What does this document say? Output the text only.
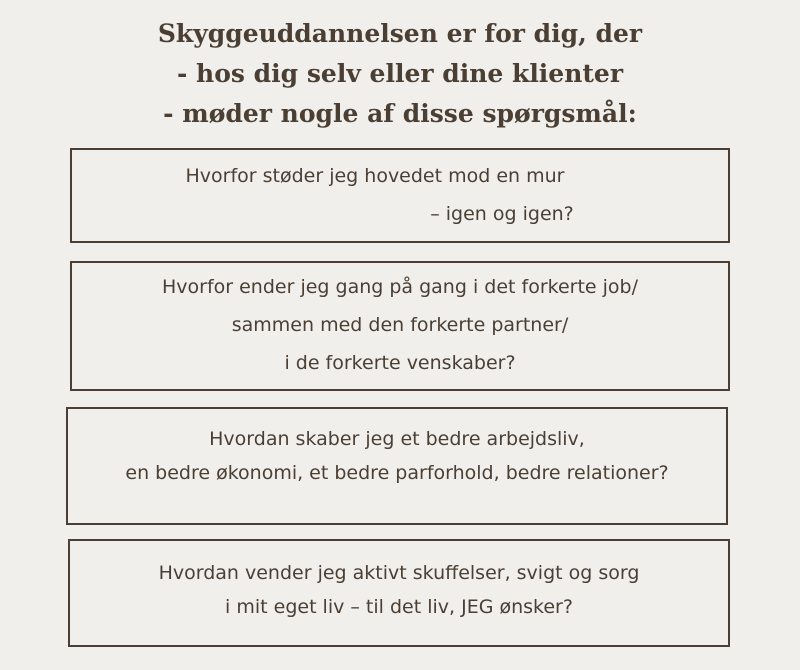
Skyggeuddannelsen er for dig, der
- hos dig selv eller dine klienter
- møder nogle af disse spørgsmål:
Hvorfor støder jeg hovedet mod en mur
– igen og igen?
Hvorfor ender jeg gang på gang i det forkerte job/
sammen med den forkerte partner/
i de forkerte venskaber?
Hvordan skaber jeg et bedre arbejdsliv,
en bedre økonomi, et bedre parforhold, bedre relationer?
Hvordan vender jeg aktivt skuffelser, svigt og sorg
i mit eget liv – til det liv, JEG ønsker?
